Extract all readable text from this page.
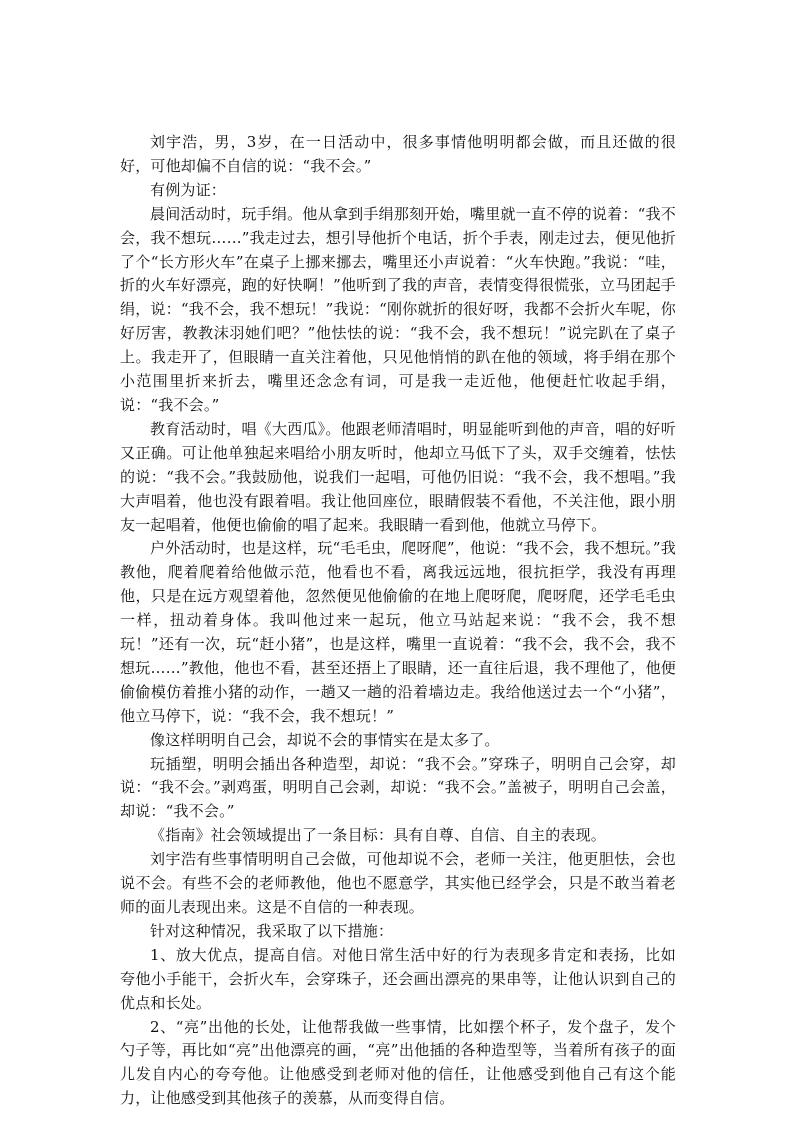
刘宇浩，男，3岁，在一日活动中，很多事情他明明都会做，而且还做的很好，可他却偏不自信的说：“我不会。”

有例为证：

晨间活动时，玩手绢。他从拿到手绢那刻开始，嘴里就一直不停的说着：“我不会，我不想玩……”我走过去，想引导他折个电话，折个手表，刚走过去，便见他折了个“长方形火车”在桌子上挪来挪去，嘴里还小声说着：“火车快跑。”我说：“哇，折的火车好漂亮，跑的好快啊！”他听到了我的声音，表情变得很慌张，立马团起手绢，说：“我不会，我不想玩！”我说：“刚你就折的很好呀，我都不会折火车呢，你好厉害，教教沫羽她们吧？”他怯怯的说：“我不会，我不想玩！”说完趴在了桌子上。我走开了，但眼睛一直关注着他，只见他悄悄的趴在他的领域，将手绢在那个小范围里折来折去，嘴里还念念有词，可是我一走近他，他便赶忙收起手绢，说：“我不会。”

教育活动时，唱《大西瓜》。他跟老师清唱时，明显能听到他的声音，唱的好听又正确。可让他单独起来唱给小朋友听时，他却立马低下了头，双手交缠着，怯怯的说：“我不会。”我鼓励他，说我们一起唱，可他仍旧说：“我不会，我不想唱。”我大声唱着，他也没有跟着唱。我让他回座位，眼睛假装不看他，不关注他，跟小朋友一起唱着，他便也偷偷的唱了起来。我眼睛一看到他，他就立马停下。

户外活动时，也是这样，玩“毛毛虫，爬呀爬”，他说：“我不会，我不想玩。”我教他，爬着爬着给他做示范，他看也不看，离我远远地，很抗拒学，我没有再理他，只是在远方观望着他，忽然便见他偷偷的在地上爬呀爬，爬呀爬，还学毛毛虫一样，扭动着身体。我叫他过来一起玩，他立马站起来说：“我不会，我不想玩！”还有一次，玩“赶小猪”，也是这样，嘴里一直说着：“我不会，我不会，我不想玩……”教他，他也不看，甚至还捂上了眼睛，还一直往后退，我不理他了，他便偷偷模仿着推小猪的动作，一趟又一趟的沿着墙边走。我给他送过去一个“小猪”，他立马停下，说：“我不会，我不想玩！”

像这样明明自己会，却说不会的事情实在是太多了。

玩插塑，明明会插出各种造型，却说：“我不会。”穿珠子，明明自己会穿，却说：“我不会。”剥鸡蛋，明明自己会剥，却说：“我不会。”盖被子，明明自己会盖，却说：“我不会。”

《指南》社会领域提出了一条目标：具有自尊、自信、自主的表现。

刘宇浩有些事情明明自己会做，可他却说不会，老师一关注，他更胆怯，会也说不会。有些不会的老师教他，他也不愿意学，其实他已经学会，只是不敢当着老师的面儿表现出来。这是不自信的一种表现。

针对这种情况，我采取了以下措施：

1、放大优点，提高自信。对他日常生活中好的行为表现多肯定和表扬，比如夸他小手能干，会折火车，会穿珠子，还会画出漂亮的果串等，让他认识到自己的优点和长处。

2、“亮”出他的长处，让他帮我做一些事情，比如摆个杯子，发个盘子，发个勺子等，再比如“亮”出他漂亮的画，“亮”出他插的各种造型等，当着所有孩子的面儿发自内心的夸夸他。让他感受到老师对他的信任，让他感受到他自己有这个能力，让他感受到其他孩子的羡慕，从而变得自信。
